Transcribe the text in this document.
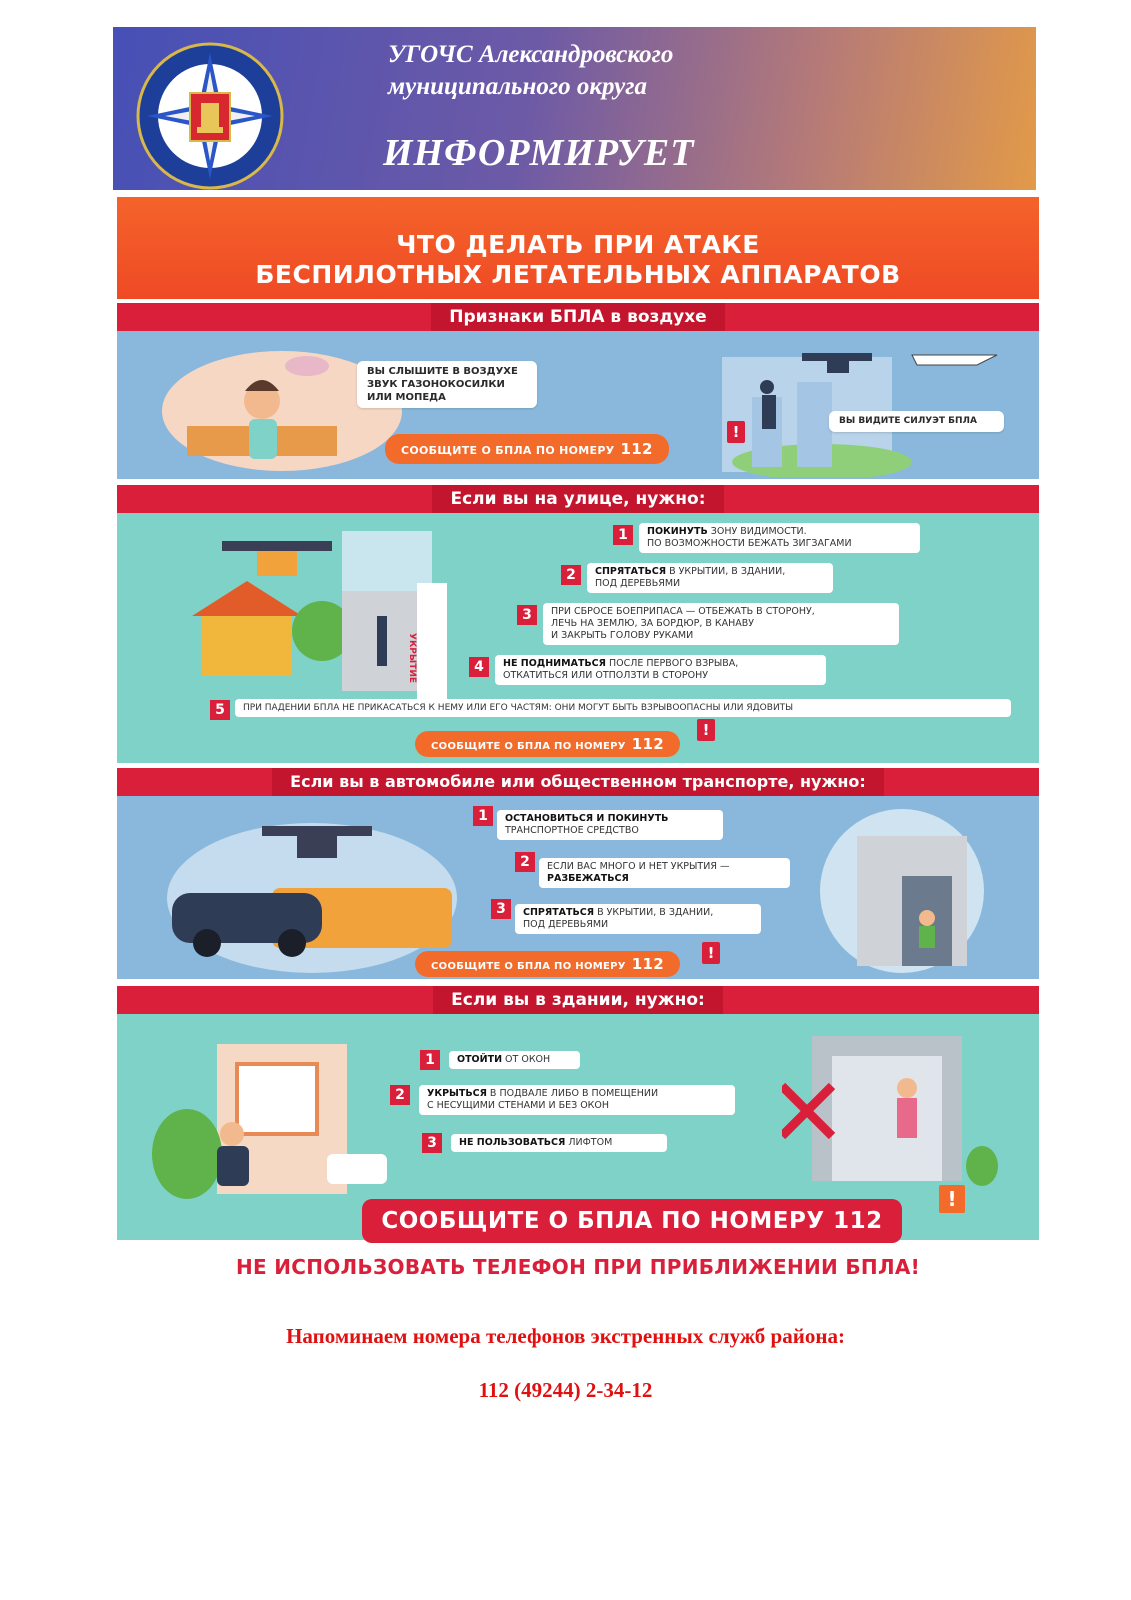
УГОЧС Александровского
муниципального округа
ИНФОРМИРУЕТ
ЧТО ДЕЛАТЬ ПРИ АТАКЕ
БЕСПИЛОТНЫХ ЛЕТАТЕЛЬНЫХ АППАРАТОВ
Признаки БПЛА в воздухе
ВЫ СЛЫШИТЕ В ВОЗДУХЕ
ЗВУК ГАЗОНОКОСИЛКИ
ИЛИ МОПЕДА
ВЫ ВИДИТЕ СИЛУЭТ БПЛА
СООБЩИТЕ О БПЛА ПО НОМЕРУ 112
!
Если вы на улице, нужно:
УКРЫТИЕ
1	ПОКИНУТЬ ЗОНУ ВИДИМОСТИ.
ПО ВОЗМОЖНОСТИ БЕЖАТЬ ЗИГЗАГАМИ
2	СПРЯТАТЬСЯ В УКРЫТИИ, В ЗДАНИИ,
ПОД ДЕРЕВЬЯМИ
3	ПРИ СБРОСЕ БОЕПРИПАСА — ОТБЕЖАТЬ В СТОРОНУ,
ЛЕЧЬ НА ЗЕМЛЮ, ЗА БОРДЮР, В КАНАВУ
И ЗАКРЫТЬ ГОЛОВУ РУКАМИ
4	НЕ ПОДНИМАТЬСЯ ПОСЛЕ ПЕРВОГО ВЗРЫВА,
ОТКАТИТЬСЯ ИЛИ ОТПОЛЗТИ В СТОРОНУ
5	ПРИ ПАДЕНИИ БПЛА НЕ ПРИКАСАТЬСЯ К НЕМУ ИЛИ ЕГО ЧАСТЯМ: ОНИ МОГУТ БЫТЬ ВЗРЫВООПАСНЫ ИЛИ ЯДОВИТЫ
СООБЩИТЕ О БПЛА ПО НОМЕРУ 112
!
Если вы в автомобиле или общественном транспорте, нужно:
1	ОСТАНОВИТЬСЯ И ПОКИНУТЬ
ТРАНСПОРТНОЕ СРЕДСТВО
2	ЕСЛИ ВАС МНОГО И НЕТ УКРЫТИЯ —
РАЗБЕЖАТЬСЯ
3	СПРЯТАТЬСЯ В УКРЫТИИ, В ЗДАНИИ,
ПОД ДЕРЕВЬЯМИ
СООБЩИТЕ О БПЛА ПО НОМЕРУ 112
!
Если вы в здании, нужно:
1	ОТОЙТИ ОТ ОКОН
2	УКРЫТЬСЯ В ПОДВАЛЕ ЛИБО В ПОМЕЩЕНИИ
С НЕСУЩИМИ СТЕНАМИ И БЕЗ ОКОН
3	НЕ ПОЛЬЗОВАТЬСЯ ЛИФТОМ
СООБЩИТЕ О БПЛА ПО НОМЕРУ 112
!
НЕ ИСПОЛЬЗОВАТЬ ТЕЛЕФОН ПРИ ПРИБЛИЖЕНИИ БПЛА!
Напоминаем номера телефонов экстренных служб района:
112 (49244) 2-34-12
